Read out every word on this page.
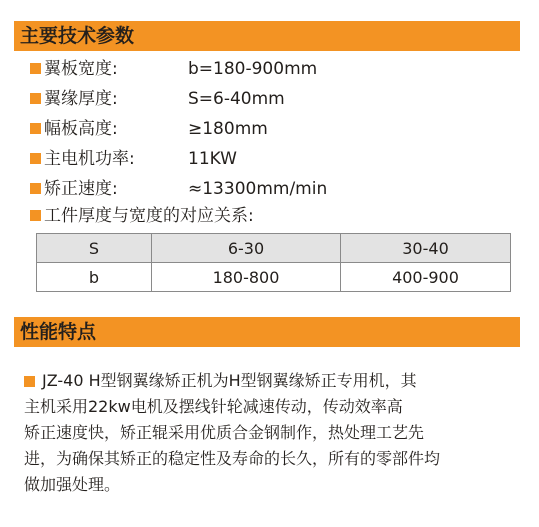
主要技术参数
翼板宽度:	b=180-900mm
翼缘厚度:	S=6-40mm
幅板高度:	≥180mm
主电机功率:	11KW
矫正速度:	≈13300mm/min
工件厚度与宽度的对应关系:
S	6-30	30-40
b	180-800	400-900
性能特点
JZ-40 H型钢翼缘矫正机为H型钢翼缘矫正专用机，其
主机采用22kw电机及摆线针轮减速传动，传动效率高
矫正速度快，矫正辊采用优质合金钢制作，热处理工艺先
进，为确保其矫正的稳定性及寿命的长久，所有的零部件均
做加强处理。
